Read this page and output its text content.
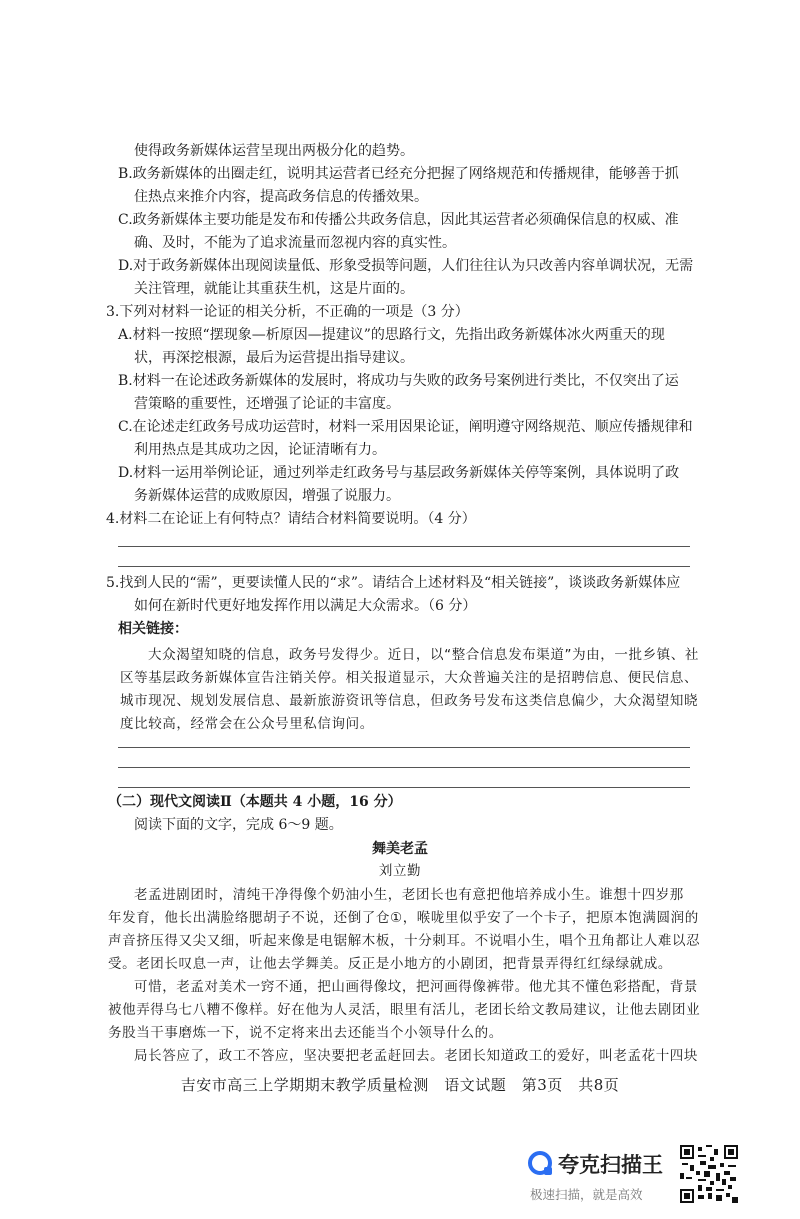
使得政务新媒体运营呈现出两极分化的趋势。
B.政务新媒体的出圈走红，说明其运营者已经充分把握了网络规范和传播规律，能够善于抓
住热点来推介内容，提高政务信息的传播效果。
C.政务新媒体主要功能是发布和传播公共政务信息，因此其运营者必须确保信息的权威、准
确、及时，不能为了追求流量而忽视内容的真实性。
D.对于政务新媒体出现阅读量低、形象受损等问题，人们往往认为只改善内容单调状况，无需
关注管理，就能让其重获生机，这是片面的。
3.下列对材料一论证的相关分析，不正确的一项是（3 分）
A.材料一按照“摆现象—析原因—提建议”的思路行文，先指出政务新媒体冰火两重天的现
状，再深挖根源，最后为运营提出指导建议。
B.材料一在论述政务新媒体的发展时，将成功与失败的政务号案例进行类比，不仅突出了运
营策略的重要性，还增强了论证的丰富度。
C.在论述走红政务号成功运营时，材料一采用因果论证，阐明遵守网络规范、顺应传播规律和
利用热点是其成功之因，论证清晰有力。
D.材料一运用举例论证，通过列举走红政务号与基层政务新媒体关停等案例，具体说明了政
务新媒体运营的成败原因，增强了说服力。
4.材料二在论证上有何特点？请结合材料简要说明。（4 分）
5.找到人民的“需”，更要读懂人民的“求”。请结合上述材料及“相关链接”，谈谈政务新媒体应
如何在新时代更好地发挥作用以满足大众需求。（6 分）
相关链接：
大众渴望知晓的信息，政务号发得少。近日，以“整合信息发布渠道”为由，一批乡镇、社
区等基层政务新媒体宣告注销关停。相关报道显示，大众普遍关注的是招聘信息、便民信息、
城市现况、规划发展信息、最新旅游资讯等信息，但政务号发布这类信息偏少，大众渴望知晓
度比较高，经常会在公众号里私信询问。
（二）现代文阅读Ⅱ（本题共 4 小题，16 分）
阅读下面的文字，完成 6～9 题。
舞美老孟
刘立勤
老孟进剧团时，清纯干净得像个奶油小生，老团长也有意把他培养成小生。谁想十四岁那
年发育，他长出满脸络腮胡子不说，还倒了仓①，喉咙里似乎安了一个卡子，把原本饱满圆润的
声音挤压得又尖又细，听起来像是电锯解木板，十分刺耳。不说唱小生，唱个丑角都让人难以忍
受。老团长叹息一声，让他去学舞美。反正是小地方的小剧团，把背景弄得红红绿绿就成。
可惜，老孟对美术一窍不通，把山画得像坟，把河画得像裤带。他尤其不懂色彩搭配，背景
被他弄得乌七八糟不像样。好在他为人灵活，眼里有活儿，老团长给文教局建议，让他去剧团业
务股当干事磨炼一下，说不定将来出去还能当个小领导什么的。
局长答应了，政工不答应，坚决要把老孟赶回去。老团长知道政工的爱好，叫老孟花十四块
吉安市高三上学期期末教学质量检测　语文试题　第3页　共8页
夸克扫描王
极速扫描，就是高效
